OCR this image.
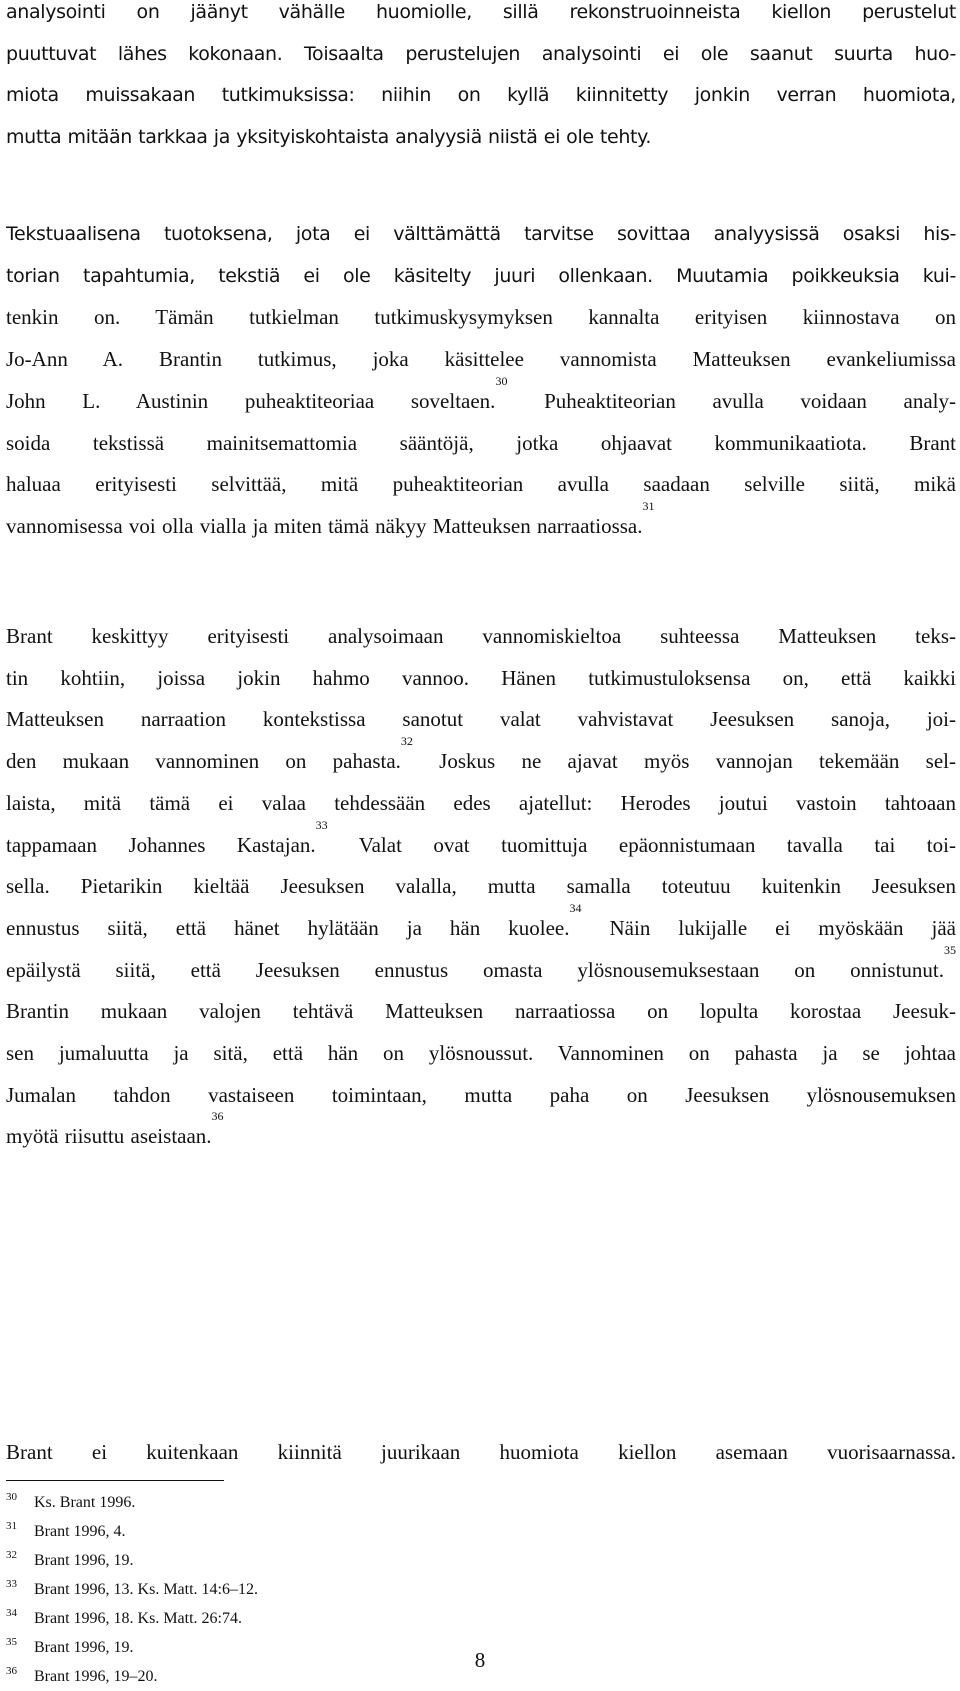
analysointi on jäänyt vähälle huomiolle, sillä rekonstruoinneista kiellon perustelut
puuttuvat lähes kokonaan. Toisaalta perustelujen analysointi ei ole saanut suurta huo-
miota muissakaan tutkimuksissa: niihin on kyllä kiinnitetty jonkin verran huomiota,
mutta mitään tarkkaa ja yksityiskohtaista analyysiä niistä ei ole tehty.
Tekstuaalisena tuotoksena, jota ei välttämättä tarvitse sovittaa analyysissä osaksi his-
torian tapahtumia, tekstiä ei ole käsitelty juuri ollenkaan. Muutamia poikkeuksia kui-
tenkin on. Tämän tutkielman tutkimuskysymyksen kannalta erityisen kiinnostava on
Jo-Ann A. Brantin tutkimus, joka käsittelee vannomista Matteuksen evankeliumissa
John L. Austinin puheaktiteoriaa soveltaen.$^{30}$ Puheaktiteorian avulla voidaan analy-
soida tekstissä mainitsemattomia sääntöjä, jotka ohjaavat kommunikaatiota. Brant
haluaa erityisesti selvittää, mitä puheaktiteorian avulla saadaan selville siitä, mikä
vannomisessa voi olla vialla ja miten tämä näkyy Matteuksen narraatiossa.$^{31}$
Brant keskittyy erityisesti analysoimaan vannomiskieltoa suhteessa Matteuksen teks-
tin kohtiin, joissa jokin hahmo vannoo. Hänen tutkimustuloksensa on, että kaikki
Matteuksen narraation kontekstissa sanotut valat vahvistavat Jeesuksen sanoja, joi-
den mukaan vannominen on pahasta.$^{32}$ Joskus ne ajavat myös vannojan tekemään sel-
laista, mitä tämä ei valaa tehdessään edes ajatellut: Herodes joutui vastoin tahtoaan
tappamaan Johannes Kastajan.$^{33}$ Valat ovat tuomittuja epäonnistumaan tavalla tai toi-
sella. Pietarikin kieltää Jeesuksen valalla, mutta samalla toteutuu kuitenkin Jeesuksen
ennustus siitä, että hänet hylätään ja hän kuolee.$^{34}$ Näin lukijalle ei myöskään jää
epäilystä siitä, että Jeesuksen ennustus omasta ylösnousemuksestaan on onnistunut.$^{35}$
Brantin mukaan valojen tehtävä Matteuksen narraatiossa on lopulta korostaa Jeesuk-
sen jumaluutta ja sitä, että hän on ylösnoussut. Vannominen on pahasta ja se johtaa
Jumalan tahdon vastaiseen toimintaan, mutta paha on Jeesuksen ylösnousemuksen
myötä riisuttu aseistaan.$^{36}$
Brant ei kuitenkaan kiinnitä juurikaan huomiota kiellon asemaan vuorisaarnassa.
30 Ks. Brant 1996.
31 Brant 1996, 4.
32 Brant 1996, 19.
33 Brant 1996, 13. Ks. Matt. 14:6–12.
34 Brant 1996, 18. Ks. Matt. 26:74.
35 Brant 1996, 19.
36 Brant 1996, 19–20.
8
